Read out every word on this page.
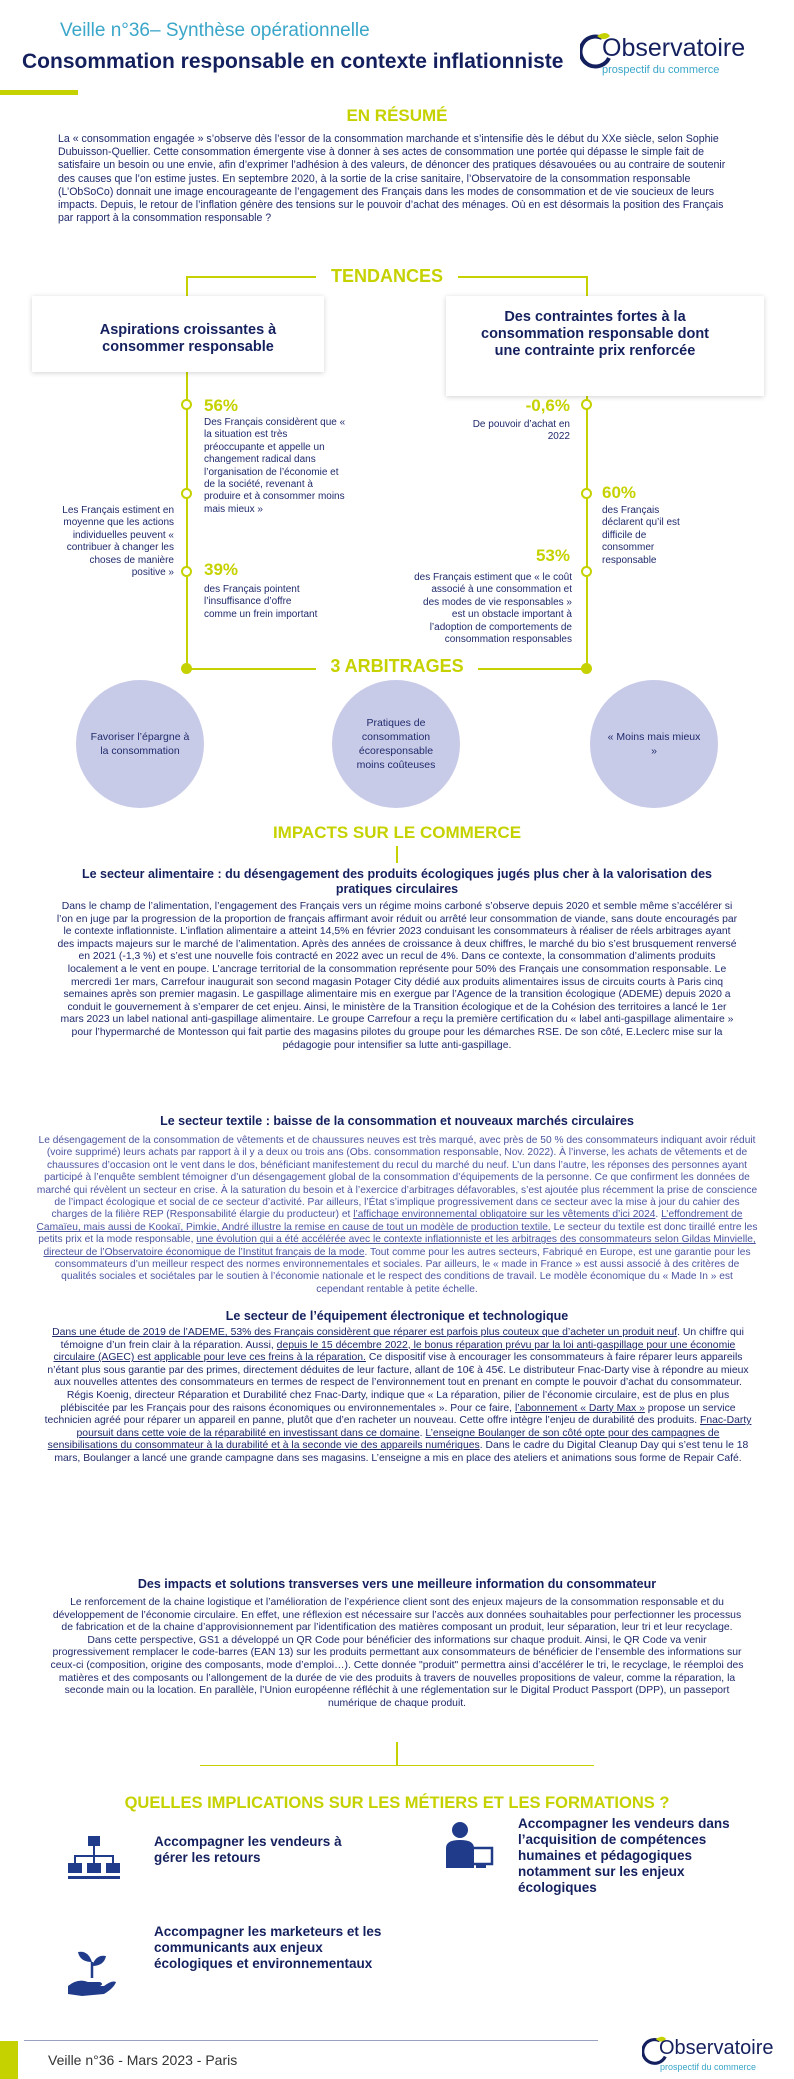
Veille n°36– Synthèse opérationnelle
Consommation responsable en contexte inflationniste Observatoire
prospectif du commerce
EN RÉSUMÉ
La « consommation engagée » s’observe dès l’essor de la consommation marchande et s’intensifie dès le début du XXe siècle, selon Sophie Dubuisson-Quellier. Cette consommation émergente vise à donner à ses actes de consommation une portée qui dépasse le simple fait de satisfaire un besoin ou une envie, afin d’exprimer l’adhésion à des valeurs, de dénoncer des pratiques désavouées ou au contraire de soutenir des causes que l’on estime justes. En septembre 2020, à la sortie de la crise sanitaire, l’Observatoire de la consommation responsable (L’ObSoCo) donnait une image encourageante de l’engagement des Français dans les modes de consommation et de vie soucieux de leurs impacts. Depuis, le retour de l’inflation génère des tensions sur le pouvoir d’achat des ménages. Où en est désormais la position des Français par rapport à la consommation responsable ?
TENDANCES
Aspirations croissantes à consommer responsable
Des contraintes fortes à la consommation responsable dont une contrainte prix renforcée
56%
Des Français considèrent que « la situation est très préoccupante et appelle un changement radical dans l’organisation de l’économie et de la société, revenant à produire et à consommer moins mais mieux »
Les Français estiment en moyenne que les actions individuelles peuvent « contribuer à changer les choses de manière positive » 39%
des Français pointent l’insuffisance d’offre comme un frein important
-0,6%
De pouvoir d’achat en 2022
60%
des Français déclarent qu’il est difficile de consommer responsable
53%
des Français estiment que « le coût associé à une consommation et des modes de vie responsables » est un obstacle important à l’adoption de comportements de consommation responsables
3 ARBITRAGES
Favoriser l’épargne à la consommation
Pratiques de consommation écoresponsable moins coûteuses
« Moins mais mieux »
IMPACTS SUR LE COMMERCE
Le secteur alimentaire : du désengagement des produits écologiques jugés plus cher à la valorisation des pratiques circulaires
Dans le champ de l’alimentation, l’engagement des Français vers un régime moins carboné s’observe depuis 2020 et semble même s’accélérer si l’on en juge par la progression de la proportion de français affirmant avoir réduit ou arrêté leur consommation de viande, sans doute encouragés par le contexte inflationniste. L’inflation alimentaire a atteint 14,5% en février 2023 conduisant les consommateurs à réaliser de réels arbitrages ayant des impacts majeurs sur le marché de l’alimentation. Après des années de croissance à deux chiffres, le marché du bio s’est brusquement renversé en 2021 (-1,3 %) et s’est une nouvelle fois contracté en 2022 avec un recul de 4%. Dans ce contexte, la consommation d’aliments produits localement a le vent en poupe. L’ancrage territorial de la consommation représente pour 50% des Français une consommation responsable. Le mercredi 1er mars, Carrefour inaugurait son second magasin Potager City dédié aux produits alimentaires issus de circuits courts à Paris cinq semaines après son premier magasin. Le gaspillage alimentaire mis en exergue par l’Agence de la transition écologique (ADEME) depuis 2020 a conduit le gouvernement à s’emparer de cet enjeu. Ainsi, le ministère de la Transition écologique et de la Cohésion des territoires a lancé le 1er mars 2023 un label national anti-gaspillage alimentaire. Le groupe Carrefour a reçu la première certification du « label anti-gaspillage alimentaire » pour l’hypermarché de Montesson qui fait partie des magasins pilotes du groupe pour les démarches RSE. De son côté, E.Leclerc mise sur la pédagogie pour intensifier sa lutte anti-gaspillage.
Le secteur textile : baisse de la consommation et nouveaux marchés circulaires
Le désengagement de la consommation de vêtements et de chaussures neuves est très marqué, avec près de 50 % des consommateurs indiquant avoir réduit (voire supprimé) leurs achats par rapport à il y a deux ou trois ans (Obs. consommation responsable, Nov. 2022). À l’inverse, les achats de vêtements et de chaussures d’occasion ont le vent dans le dos, bénéficiant manifestement du recul du marché du neuf. L’un dans l’autre, les réponses des personnes ayant participé à l’enquête semblent témoigner d’un désengagement global de la consommation d’équipements de la personne. Ce que confirment les données de marché qui révèlent un secteur en crise. À la saturation du besoin et à l’exercice d’arbitrages défavorables, s’est ajoutée plus récemment la prise de conscience de l’impact écologique et social de ce secteur d’activité. Par ailleurs, l’État s’implique progressivement dans ce secteur avec la mise à jour du cahier des charges de la filière REP (Responsabilité élargie du producteur) et l’affichage environnemental obligatoire sur les vêtements d’ici 2024. L’effondrement de Camaïeu, mais aussi de Kookaï, Pimkie, André illustre la remise en cause de tout un modèle de production textile. Le secteur du textile est donc tiraillé entre les petits prix et la mode responsable, une évolution qui a été accélérée avec le contexte inflationniste et les arbitrages des consommateurs selon Gildas Minvielle, directeur de l’Observatoire économique de l’Institut français de la mode. Tout comme pour les autres secteurs, Fabriqué en Europe, est une garantie pour les consommateurs d’un meilleur respect des normes environnementales et sociales. Par ailleurs, le « made in France » est aussi associé à des critères de qualités sociales et sociétales par le soutien à l’économie nationale et le respect des conditions de travail. Le modèle économique du « Made In » est cependant rentable à petite échelle.
Le secteur de l’équipement électronique et technologique
Dans une étude de 2019 de l’ADEME, 53% des Français considèrent que réparer est parfois plus couteux que d’acheter un produit neuf. Un chiffre qui témoigne d’un frein clair à la réparation. Aussi, depuis le 15 décembre 2022, le bonus réparation prévu par la loi anti-gaspillage pour une économie circulaire (AGEC) est applicable pour leve ces freins à la réparation. Ce dispositif vise à encourager les consommateurs à faire réparer leurs appareils n’étant plus sous garantie par des primes, directement déduites de leur facture, allant de 10€ à 45€. Le distributeur Fnac-Darty vise à répondre au mieux aux nouvelles attentes des consommateurs en termes de respect de l’environnement tout en prenant en compte le pouvoir d’achat du consommateur. Régis Koenig, directeur Réparation et Durabilité chez Fnac-Darty, indique que « La réparation, pilier de l’économie circulaire, est de plus en plus plébiscitée par les Français pour des raisons économiques ou environnementales ». Pour ce faire, l’abonnement « Darty Max » propose un service technicien agréé pour réparer un appareil en panne, plutôt que d’en racheter un nouveau. Cette offre intègre l’enjeu de durabilité des produits. Fnac-Darty poursuit dans cette voie de la réparabilité en investissant dans ce domaine. L’enseigne Boulanger de son côté opte pour des campagnes de sensibilisations du consommateur à la durabilité et à la seconde vie des appareils numériques. Dans le cadre du Digital Cleanup Day qui s’est tenu le 18 mars, Boulanger a lancé une grande campagne dans ses magasins. L’enseigne a mis en place des ateliers et animations sous forme de Repair Café.
Des impacts et solutions transverses vers une meilleure information du consommateur
Le renforcement de la chaine logistique et l’amélioration de l’expérience client sont des enjeux majeurs de la consommation responsable et du développement de l’économie circulaire. En effet, une réflexion est nécessaire sur l’accès aux données souhaitables pour perfectionner les processus de fabrication et de la chaine d’approvisionnement par l’identification des matières composant un produit, leur séparation, leur tri et leur recyclage. Dans cette perspective, GS1 a développé un QR Code pour bénéficier des informations sur chaque produit. Ainsi, le QR Code va venir progressivement remplacer le code-barres (EAN 13) sur les produits permettant aux consommateurs de bénéficier de l’ensemble des informations sur ceux-ci (composition, origine des composants, mode d’emploi…). Cette donnée "produit" permettra ainsi d’accélérer le tri, le recyclage, le réemploi des matières et des composants ou l’allongement de la durée de vie des produits à travers de nouvelles propositions de valeur, comme la réparation, la seconde main ou la location. En parallèle, l’Union européenne réfléchit à une réglementation sur le Digital Product Passport (DPP), un passeport numérique de chaque produit.
QUELLES IMPLICATIONS SUR LES MÉTIERS ET LES FORMATIONS ?
Accompagner les vendeurs à gérer les retours
Accompagner les vendeurs dans l’acquisition de compétences humaines et pédagogiques notamment sur les enjeux écologiques
Accompagner les marketeurs et les communicants aux enjeux écologiques et environnementaux
Veille n°36 - Mars 2023 - Paris
Observatoire
prospectif du commerce
